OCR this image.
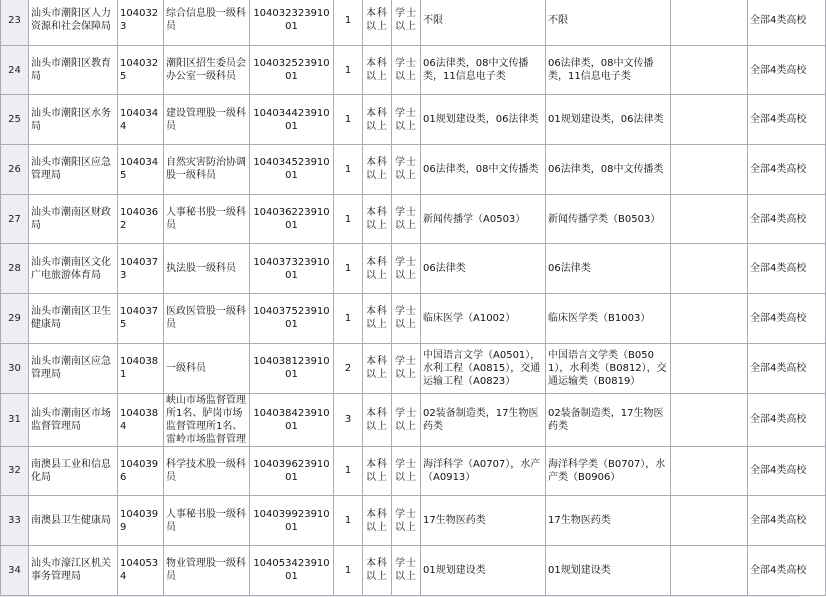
23	汕头市潮阳区人力资源和社会保障局	1040323	综合信息股一级科员	10403232391001	1	本科以上	学士以上	不限	不限		全部4类高校
24	汕头市潮阳区教育局	1040325	潮阳区招生委员会办公室一级科员	10403252391001	1	本科以上	学士以上	06法律类，08中文传播类，11信息电子类	06法律类，08中文传播类，11信息电子类		全部4类高校
25	汕头市潮阳区水务局	1040344	建设管理股一级科员	10403442391001	1	本科以上	学士以上	01规划建设类，06法律类	01规划建设类，06法律类		全部4类高校
26	汕头市潮阳区应急管理局	1040345	自然灾害防治协调股一级科员	10403452391001	1	本科以上	学士以上	06法律类，08中文传播类	06法律类，08中文传播类		全部4类高校
27	汕头市潮南区财政局	1040362	人事秘书股一级科员	10403622391001	1	本科以上	学士以上	新闻传播学（A0503）	新闻传播学类（B0503）		全部4类高校
28	汕头市潮南区文化广电旅游体育局	1040373	执法股一级科员	10403732391001	1	本科以上	学士以上	06法律类	06法律类		全部4类高校
29	汕头市潮南区卫生健康局	1040375	医政医管股一级科员	10403752391001	1	本科以上	学士以上	临床医学（A1002）	临床医学类（B1003）		全部4类高校
30	汕头市潮南区应急管理局	1040381	一级科员	10403812391001	2	本科以上	学士以上	中国语言文学（A0501），水利工程（A0815），交通运输工程（A0823）	中国语言文学类（B0501），水利类（B0812），交通运输类（B0819）		全部4类高校
31	汕头市潮南区市场监督管理局	1040384	峡山市场监督管理所1名、胪岗市场监督管理所1名、雷岭市场监督管理	10403842391001	3	本科以上	学士以上	02装备制造类，17生物医药类	02装备制造类，17生物医药类		全部4类高校
32	南澳县工业和信息化局	1040396	科学技术股一级科员	10403962391001	1	本科以上	学士以上	海洋科学（A0707），水产（A0913）	海洋科学类（B0707），水产类（B0906）		全部4类高校
33	南澳县卫生健康局	1040399	人事秘书股一级科员	10403992391001	1	本科以上	学士以上	17生物医药类	17生物医药类		全部4类高校
34	汕头市濠江区机关事务管理局	1040534	物业管理股一级科员	10405342391001	1	本科以上	学士以上	01规划建设类	01规划建设类		全部4类高校
